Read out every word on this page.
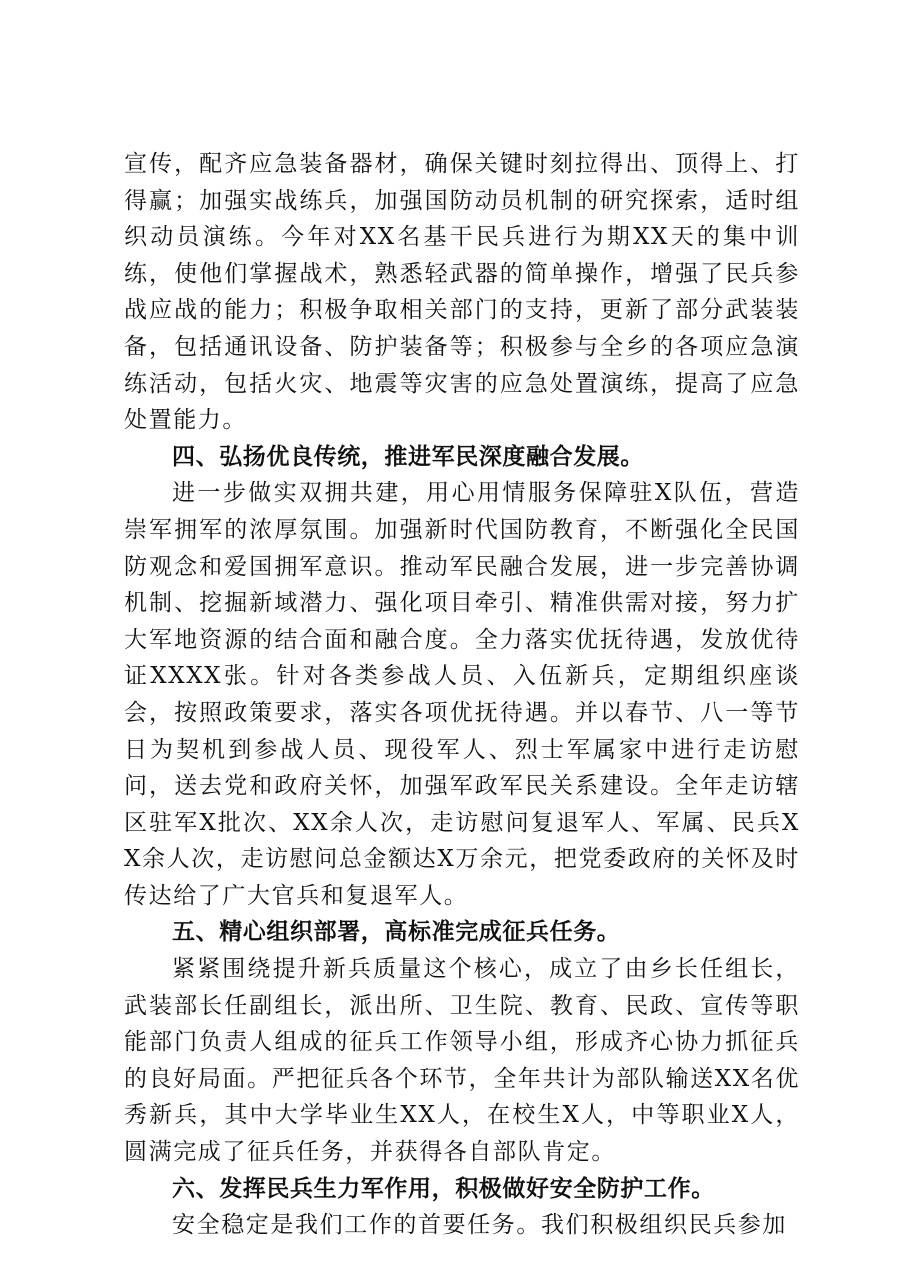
宣传，配齐应急装备器材，确保关键时刻拉得出、顶得上、打得赢；加强实战练兵，加强国防动员机制的研究探索，适时组织动员演练。今年对XX名基干民兵进行为期XX天的集中训练，使他们掌握战术，熟悉轻武器的简单操作，增强了民兵参战应战的能力；积极争取相关部门的支持，更新了部分武装装备，包括通讯设备、防护装备等；积极参与全乡的各项应急演练活动，包括火灾、地震等灾害的应急处置演练，提高了应急处置能力。

四、弘扬优良传统，推进军民深度融合发展。

进一步做实双拥共建，用心用情服务保障驻X队伍，营造崇军拥军的浓厚氛围。加强新时代国防教育，不断强化全民国防观念和爱国拥军意识。推动军民融合发展，进一步完善协调机制、挖掘新域潜力、强化项目牵引、精准供需对接，努力扩大军地资源的结合面和融合度。全力落实优抚待遇，发放优待证XXXX张。针对各类参战人员、入伍新兵，定期组织座谈会，按照政策要求，落实各项优抚待遇。并以春节、八一等节日为契机到参战人员、现役军人、烈士军属家中进行走访慰问，送去党和政府关怀，加强军政军民关系建设。全年走访辖区驻军X批次、XX余人次，走访慰问复退军人、军属、民兵XX余人次，走访慰问总金额达X万余元，把党委政府的关怀及时传达给了广大官兵和复退军人。

五、精心组织部署，高标准完成征兵任务。

紧紧围绕提升新兵质量这个核心，成立了由乡长任组长，武装部长任副组长，派出所、卫生院、教育、民政、宣传等职能部门负责人组成的征兵工作领导小组，形成齐心协力抓征兵的良好局面。严把征兵各个环节，全年共计为部队输送XX名优秀新兵，其中大学毕业生XX人，在校生X人，中等职业X人，圆满完成了征兵任务，并获得各自部队肯定。

六、发挥民兵生力军作用，积极做好安全防护工作。

安全稳定是我们工作的首要任务。我们积极组织民兵参加
